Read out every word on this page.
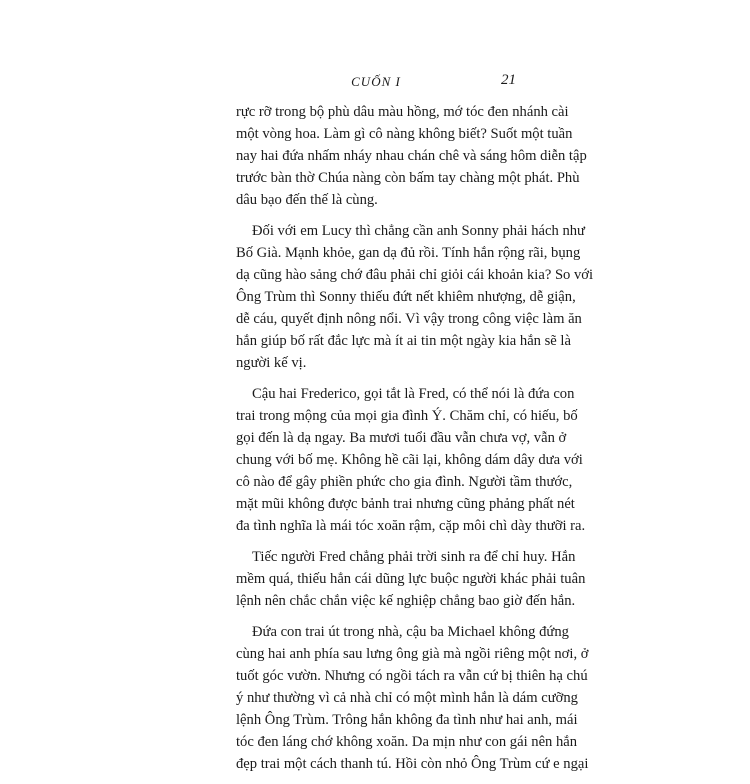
CUỐN I	21

rực rỡ trong bộ phù dâu màu hồng, mớ tóc đen nhánh cài
một vòng hoa. Làm gì cô nàng không biết? Suốt một tuần
nay hai đứa nhấm nháy nhau chán chê và sáng hôm diễn tập
trước bàn thờ Chúa nàng còn bấm tay chàng một phát. Phù
dâu bạo đến thế là cùng.

Đối với em Lucy thì chẳng cần anh Sonny phải hách như
Bố Già. Mạnh khỏe, gan dạ đủ rồi. Tính hắn rộng rãi, bụng
dạ cũng hào sảng chớ đâu phải chỉ giỏi cái khoản kia? So với
Ông Trùm thì Sonny thiếu đứt nết khiêm nhượng, dễ giận,
dễ cáu, quyết định nông nổi. Vì vậy trong công việc làm ăn
hắn giúp bố rất đắc lực mà ít ai tin một ngày kia hắn sẽ là
người kế vị.

Cậu hai Frederico, gọi tắt là Fred, có thể nói là đứa con
trai trong mộng của mọi gia đình Ý. Chăm chỉ, có hiếu, bố
gọi đến là dạ ngay. Ba mươi tuổi đầu vẫn chưa vợ, vẫn ở
chung với bố mẹ. Không hề cãi lại, không dám dây dưa với
cô nào để gây phiền phức cho gia đình. Người tầm thước,
mặt mũi không được bảnh trai nhưng cũng phảng phất nét
đa tình nghĩa là mái tóc xoăn rậm, cặp môi chì dày thưỡi ra.

Tiếc người Fred chẳng phải trời sinh ra để chỉ huy. Hắn
mềm quá, thiếu hẳn cái dũng lực buộc người khác phải tuân
lệnh nên chắc chắn việc kế nghiệp chẳng bao giờ đến hắn.

Đứa con trai út trong nhà, cậu ba Michael không đứng
cùng hai anh phía sau lưng ông già mà ngồi riêng một nơi, ở
tuốt góc vườn. Nhưng có ngồi tách ra vẫn cứ bị thiên hạ chú
ý như thường vì cả nhà chỉ có một mình hắn là dám cưỡng
lệnh Ông Trùm. Trông hắn không đa tình như hai anh, mái
tóc đen láng chớ không xoăn. Da mịn như con gái nên hắn
đẹp trai một cách thanh tú. Hồi còn nhỏ Ông Trùm cứ e ngại
